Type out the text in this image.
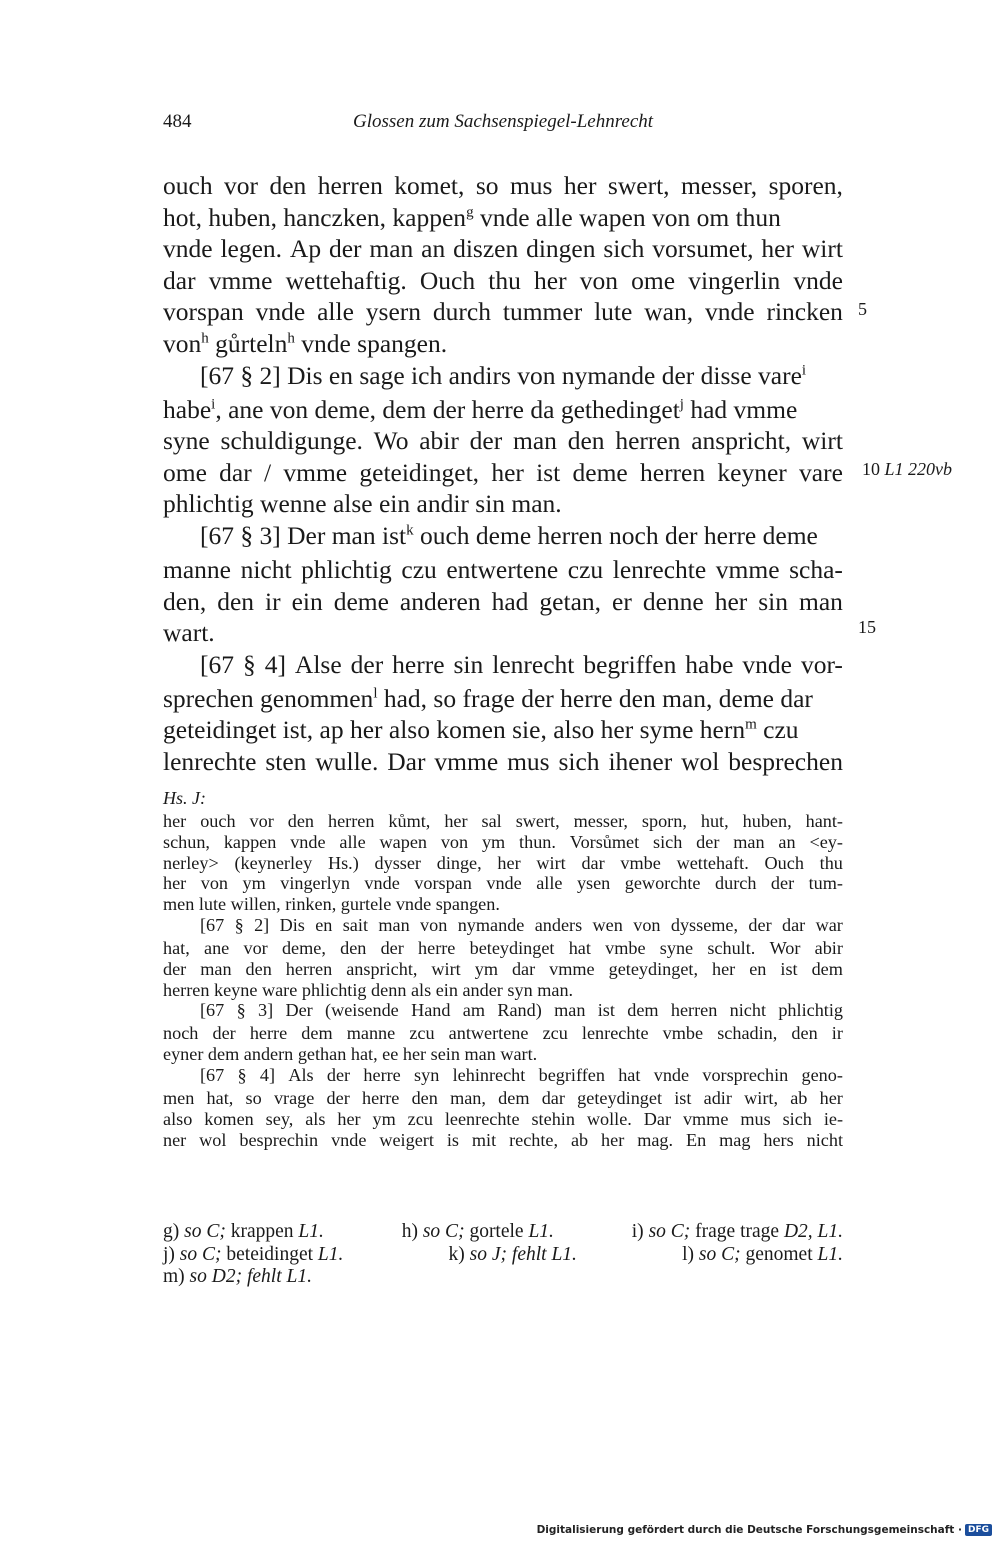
484	Glossen zum Sachsenspiegel-Lehnrecht
ouch vor den herren komet, so mus her swert, messer, sporen,
hot, huben, hanczken, kappen$^g$ vnde alle wapen von om thun
vnde legen. Ap der man an diszen dingen sich vorsumet, her wirt
dar vmme wettehaftig. Ouch thu her von ome vingerlin vnde
vorspan vnde alle ysern durch tummer lute wan, vnde rincken
von$^h$ gůrteln$^h$ vnde spangen.
[67 § 2] Dis en sage ich andirs von nymande der disse vare$^i$
habe$^i$, ane von deme, dem der herre da gethedinget$^j$ had vmme
syne schuldigunge. Wo abir der man den herren anspricht, wirt
ome dar / vmme geteidinget, her ist deme herren keyner vare
phlichtig wenne alse ein andir sin man.
[67 § 3] Der man ist$^k$ ouch deme herren noch der herre deme
manne nicht phlichtig czu entwertene czu lenrechte vmme scha-
den, den ir ein deme anderen had getan, er denne her sin man
wart.
[67 § 4] Alse der herre sin lenrecht begriffen habe vnde vor-
sprechen genommen$^l$ had, so frage der herre den man, deme dar
geteidinget ist, ap her also komen sie, also her syme hern$^m$ czu
lenrechte sten wulle. Dar vmme mus sich ihener wol besprechen
5
10 L1 220vb
15
Hs. J:
her ouch vor den herren kůmt, her sal swert, messer, sporn, hut, huben, hant-
schun, kappen vnde alle wapen von ym thun. Vorsůmet sich der man an <ey-
nerley> (keynerley Hs.) dysser dinge, her wirt dar vmbe wettehaft. Ouch thu
her von ym vingerlyn vnde vorspan vnde alle ysen geworchte durch der tum-
men lute willen, rinken, gurtele vnde spangen.
[67 § 2] Dis en sait man von nymande anders wen von dysseme, der dar war
hat, ane vor deme, den der herre beteydinget hat vmbe syne schult. Wor abir
der man den herren anspricht, wirt ym dar vmme geteydinget, her en ist dem
herren keyne ware phlichtig denn als ein ander syn man.
[67 § 3] Der (weisende Hand am Rand) man ist dem herren nicht phlichtig
noch der herre dem manne zcu antwertene zcu lenrechte vmbe schadin, den ir
eyner dem andern gethan hat, ee her sein man wart.
[67 § 4] Als der herre syn lehinrecht begriffen hat vnde vorsprechin geno-
men hat, so vrage der herre den man, dem dar geteydinget ist adir wirt, ab her
also komen sey, als her ym zcu leenrechte stehin wolle. Dar vmme mus sich ie-
ner wol besprechin vnde weigert is mit rechte, ab her mag. En mag hers nicht
g) so C; krappen L1.	h) so C; gortele L1.	i) so C; frage trage D2, L1.
j) so C; beteidinget L1.	k) so J; fehlt L1.	l) so C; genomet L1.
m) so D2; fehlt L1.
Digitalisierung gefördert durch die Deutsche Forschungsgemeinschaft · DFG
